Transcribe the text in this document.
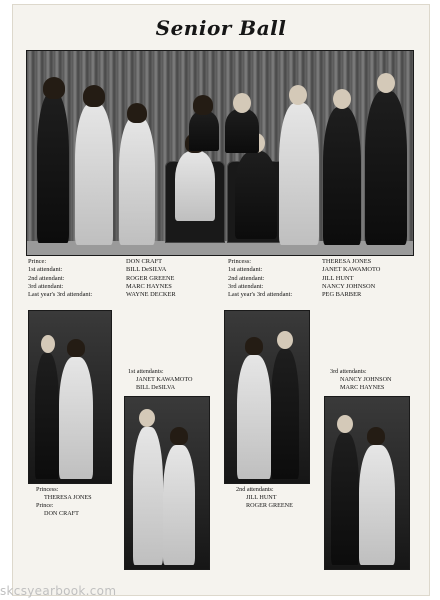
Senior Ball
Prince:	DON CRAFT
1st attendant:	BILL DeSILVA
2nd attendant:	ROGER GREENE
3rd attendant:	MARC HAYNES
Last year's 3rd attendant:	WAYNE DECKER
Princess:	THERESA JONES
1st attendant:	JANET KAWAMOTO
2nd attendant:	JILL HUNT
3rd attendant:	NANCY JOHNSON
Last year's 3rd attendant:	PEG BARBER
Princess:
THERESA JONES
Prince:
DON CRAFT
1st attendants:
JANET KAWAMOTO
BILL DeSILVA
2nd attendants:
JILL HUNT
ROGER GREENE
3rd attendants:
NANCY JOHNSON
MARC HAYNES
skcsyearbook.com
